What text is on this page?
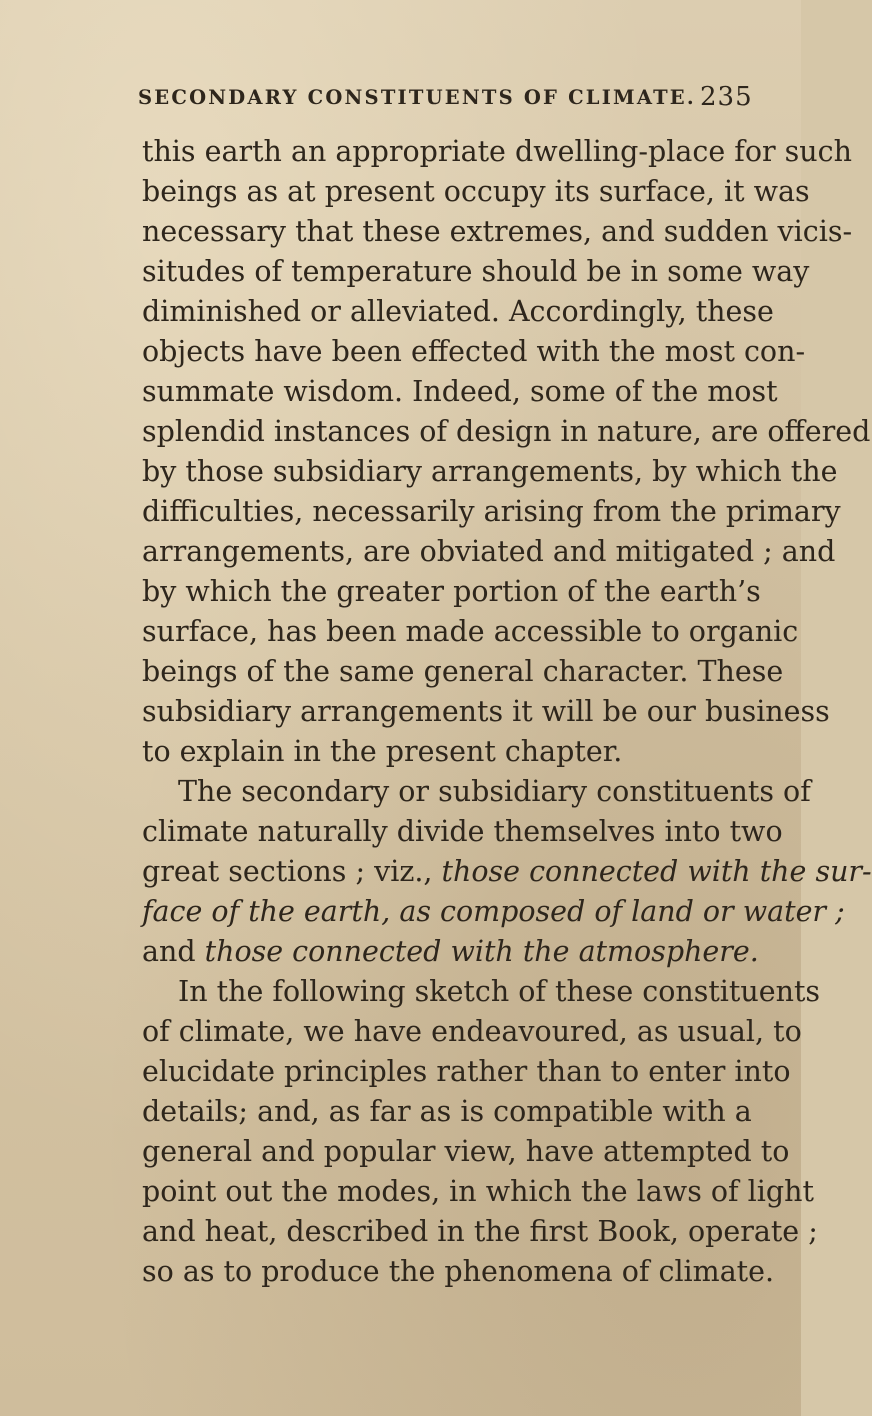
SECONDARY CONSTITUENTS OF CLIMATE. 235
this earth an appropriate dwelling-place for such
beings as at present occupy its surface, it was
necessary that these extremes, and sudden vicis-
situdes of temperature should be in some way
diminished or alleviated. Accordingly, these
objects have been effected with the most con-
summate wisdom. Indeed, some of the most
splendid instances of design in nature, are offered
by those subsidiary arrangements, by which the
difficulties, necessarily arising from the primary
arrangements, are obviated and mitigated ; and
by which the greater portion of the earth’s
surface, has been made accessible to organic
beings of the same general character. These
subsidiary arrangements it will be our business
to explain in the present chapter.
The secondary or subsidiary constituents of
climate naturally divide themselves into two
great sections ; viz., those connected with the sur-
face of the earth, as composed of land or water ;
and those connected with the atmosphere.
In the following sketch of these constituents
of climate, we have endeavoured, as usual, to
elucidate principles rather than to enter into
details; and, as far as is compatible with a
general and popular view, have attempted to
point out the modes, in which the laws of light
and heat, described in the first Book, operate ;
so as to produce the phenomena of climate.
